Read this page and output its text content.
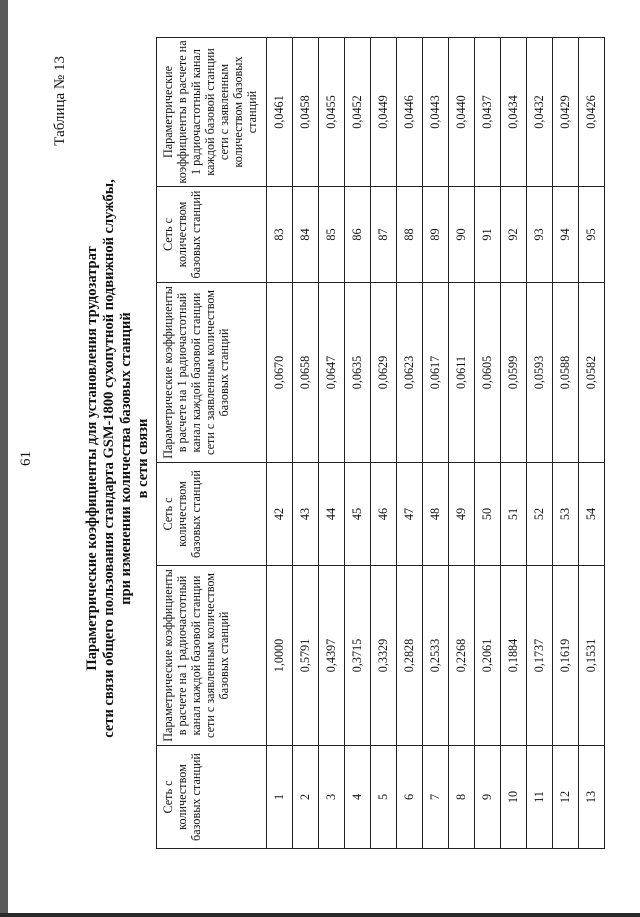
61
Таблица № 13
Параметрические коэффициенты для установления трудозатрат сети связи общего пользования стандарта GSM-1800 сухопутной подвижной службы, при изменении количества базовых станций в сети связи
Сеть с количеством базовых станций	Параметрические коэффициенты в расчете на 1 радиочастотный канал каждой базовой станции сети с заявленным количеством базовых станций	Сеть с количеством базовых станций	Параметрические коэффициенты в расчете на 1 радиочастотный канал каждой базовой станции сети с заявленным количеством базовых станций	Сеть с количеством базовых станций	Параметрические коэффициенты в расчете на 1 радиочастотный канал каждой базовой станции сети с заявленным количеством базовых станций
1	1,0000	42	0,0670	83	0,0461
2	0,5791	43	0,0658	84	0,0458
3	0,4397	44	0,0647	85	0,0455
4	0,3715	45	0,0635	86	0,0452
5	0,3329	46	0,0629	87	0,0449
6	0,2828	47	0,0623	88	0,0446
7	0,2533	48	0,0617	89	0,0443
8	0,2268	49	0,0611	90	0,0440
9	0,2061	50	0,0605	91	0,0437
10	0,1884	51	0,0599	92	0,0434
11	0,1737	52	0,0593	93	0,0432
12	0,1619	53	0,0588	94	0,0429
13	0,1531	54	0,0582	95	0,0426
